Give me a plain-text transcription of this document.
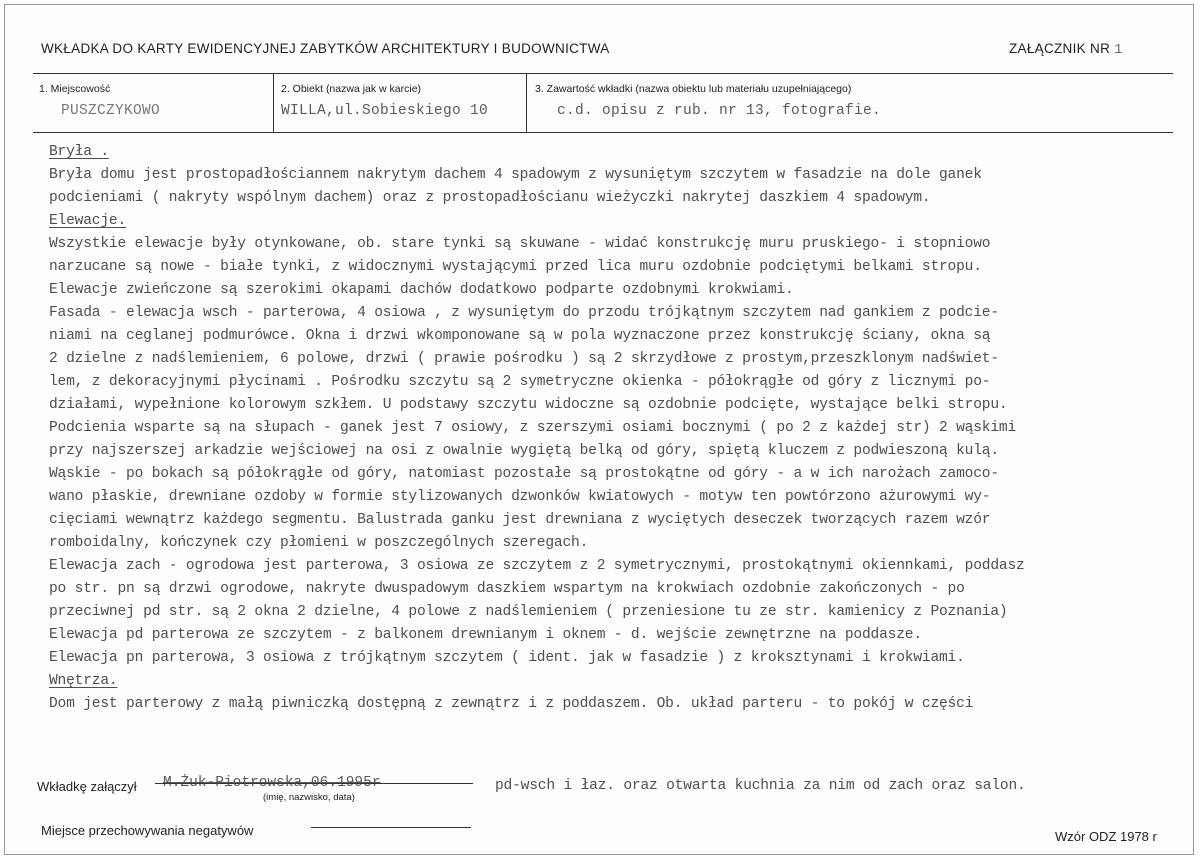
WKŁADKA DO KARTY EWIDENCYJNEJ ZABYTKÓW ARCHITEKTURY I BUDOWNICTWA	ZAŁĄCZNIK NR 1
1. Miejscowość
PUSZCZYKOWO
2. Obiekt (nazwa jak w karcie)
WILLA,ul.Sobieskiego 10
3. Zawartość wkładki (nazwa obiektu lub materiału uzupełniającego)
c.d. opisu z rub. nr 13, fotografie.
Bryła .
Bryła domu jest prostopadłościannem nakrytym dachem 4 spadowym z wysuniętym szczytem w fasadzie na dole ganek
podcieniami ( nakryty wspólnym dachem) oraz z prostopadłościanu wieżyczki nakrytej daszkiem 4 spadowym.
Elewacje.
Wszystkie elewacje były otynkowane, ob. stare tynki są skuwane - widać konstrukcję muru pruskiego- i stopniowo
narzucane są nowe - białe tynki, z widocznymi wystającymi przed lica muru ozdobnie podciętymi belkami stropu.
Elewacje zwieńczone są szerokimi okapami dachów dodatkowo podparte ozdobnymi krokwiami.
Fasada - elewacja wsch - parterowa, 4 osiowa , z wysuniętym do przodu trójkątnym szczytem nad gankiem z podcie-
niami na ceglanej podmurówce. Okna i drzwi wkomponowane są w pola wyznaczone przez konstrukcję ściany, okna są
2 dzielne z nadślemieniem, 6 polowe, drzwi ( prawie pośrodku ) są 2 skrzydłowe z prostym,przeszklonym nadświet-
lem, z dekoracyjnymi płycinami . Pośrodku szczytu są 2 symetryczne okienka - półokrągłe od góry z licznymi po-
działami, wypełnione kolorowym szkłem. U podstawy szczytu widoczne są ozdobnie podcięte, wystające belki stropu.
Podcienia wsparte są na słupach - ganek jest 7 osiowy, z szerszymi osiami bocznymi ( po 2 z każdej str) 2 wąskimi
przy najszerszej arkadzie wejściowej na osi z owalnie wygiętą belką od góry, spiętą kluczem z podwieszoną kulą.
Wąskie - po bokach są półokrągłe od góry, natomiast pozostałe są prostokątne od góry - a w ich narożach zamoco-
wano płaskie, drewniane ozdoby w formie stylizowanych dzwonków kwiatowych - motyw ten powtórzono ażurowymi wy-
cięciami wewnątrz każdego segmentu. Balustrada ganku jest drewniana z wyciętych deseczek tworzących razem wzór
romboidalny, kończynek czy płomieni w poszczególnych szeregach.
Elewacja zach - ogrodowa jest parterowa, 3 osiowa ze szczytem z 2 symetrycznymi, prostokątnymi okiennkami, poddasz
po str. pn są drzwi ogrodowe, nakryte dwuspadowym daszkiem wspartym na krokwiach ozdobnie zakończonych - po
przeciwnej pd str. są 2 okna 2 dzielne, 4 polowe z nadślemieniem ( przeniesione tu ze str. kamienicy z Poznania)
Elewacja pd parterowa ze szczytem - z balkonem drewnianym i oknem - d. wejście zewnętrzne na poddasze.
Elewacja pn parterowa, 3 osiowa z trójkątnym szczytem ( ident. jak w fasadzie ) z kroksztynami i krokwiami.
Wnętrza.
Dom jest parterowy z małą piwniczką dostępną z zewnątrz i z poddaszem. Ob. układ parteru - to pokój w części
Wkładkę załączył M.Żuk-Piotrowska,06.1995r
(imię, nazwisko, data)
pd-wsch i łaz. oraz otwarta kuchnia za nim od zach oraz salon.
Miejsce przechowywania negatywów	Wzór ODZ 1978 r
